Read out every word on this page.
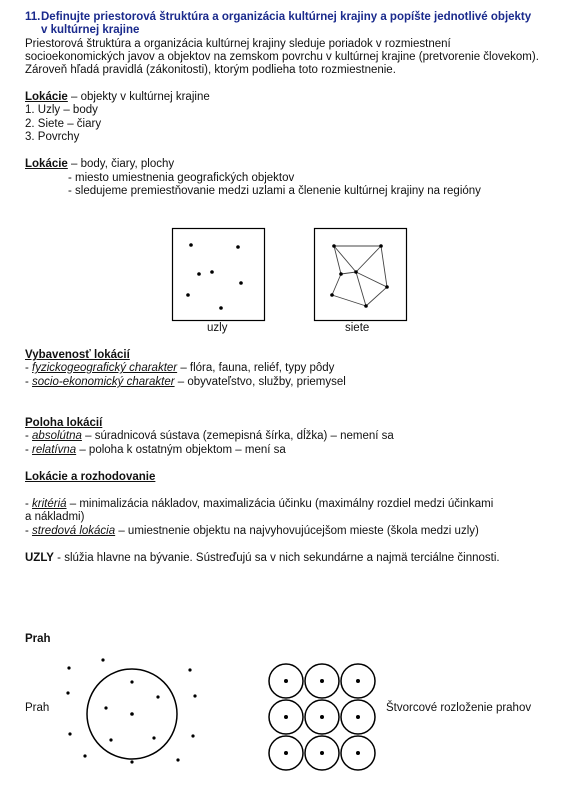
11. Definujte priestorová štruktúra a organizácia kultúrnej krajiny a popíšte jednotlivé objekty
v kultúrnej krajine
Priestorová štruktúra a organizácia kultúrnej krajiny sleduje poriadok v rozmiestnení
socioekonomických javov a objektov na zemskom povrchu v kultúrnej krajine (pretvorenie človekom).
Zároveň hľadá pravidlá (zákonitosti), ktorým podlieha toto rozmiestnenie.
Lokácie – objekty v kultúrnej krajine
1. Uzly – body
2. Siete – čiary
3. Povrchy
Lokácie – body, čiary, plochy
- miesto umiestnenia geografických objektov
- sledujeme premiestňovanie medzi uzlami a členenie kultúrnej krajiny na regióny
uzly	siete
Vybavenosť lokácií
- fyzickogeografický charakter – flóra, fauna, reliéf, typy pôdy
- socio-ekonomický charakter – obyvateľstvo, služby, priemysel
Poloha lokácií
- absolútna – súradnicová sústava (zemepisná šírka, dĺžka) – nemení sa
- relatívna – poloha k ostatným objektom – mení sa
Lokácie a rozhodovanie
- kritériá – minimalizácia nákladov, maximalizácia účinku (maximálny rozdiel medzi účinkami
a nákladmi)
- stredová lokácia – umiestnenie objektu na najvyhovujúcejšom mieste (škola medzi uzly)
UZLY - slúžia hlavne na bývanie. Sústreďujú sa v nich sekundárne a najmä terciálne činnosti.
Prah
Prah	Štvorcové rozloženie prahov
